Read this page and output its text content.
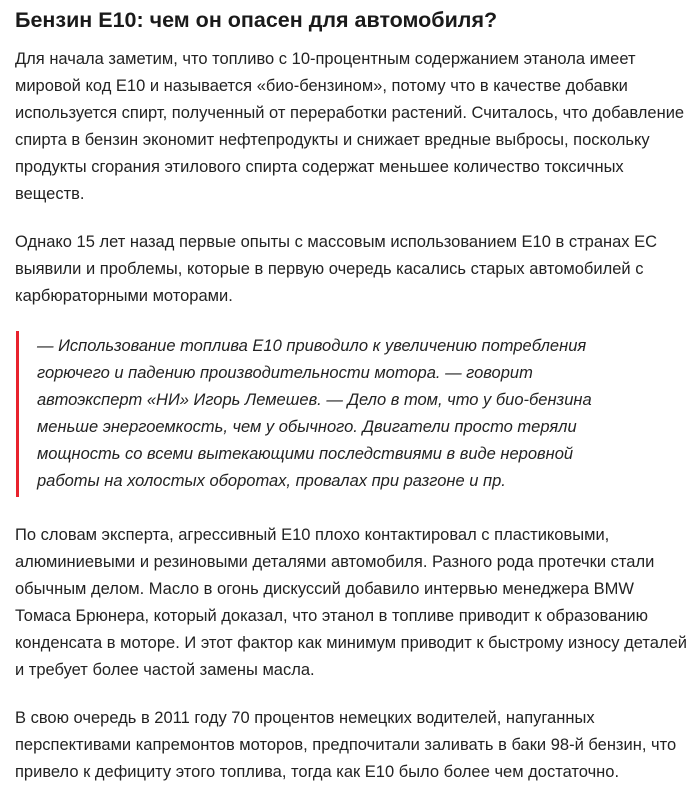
Бензин Е10: чем он опасен для автомобиля?

Для начала заметим, что топливо с 10-процентным содержанием этанола имеет мировой код Е10 и называется «био-бензином», потому что в качестве добавки используется спирт, полученный от переработки растений. Считалось, что добавление спирта в бензин экономит нефтепродукты и снижает вредные выбросы, поскольку продукты сгорания этилового спирта содержат меньшее количество токсичных веществ.

Однако 15 лет назад первые опыты с массовым использованием Е10 в странах ЕС выявили и проблемы, которые в первую очередь касались старых автомобилей с карбюраторными моторами.

— Использование топлива Е10 приводило к увеличению потребления горючего и падению производительности мотора. — говорит автоэксперт «НИ» Игорь Лемешев. — Дело в том, что у био-бензина меньше энергоемкость, чем у обычного. Двигатели просто теряли мощность со всеми вытекающими последствиями в виде неровной работы на холостых оборотах, провалах при разгоне и пр.

По словам эксперта, агрессивный Е10 плохо контактировал с пластиковыми, алюминиевыми и резиновыми деталями автомобиля. Разного рода протечки стали обычным делом. Масло в огонь дискуссий добавило интервью менеджера BMW Томаса Брюнера, который доказал, что этанол в топливе приводит к образованию конденсата в моторе. И этот фактор как минимум приводит к быстрому износу деталей и требует более частой замены масла.

В свою очередь в 2011 году 70 процентов немецких водителей, напуганных перспективами капремонтов моторов, предпочитали заливать в баки 98-й бензин, что привело к дефициту этого топлива, тогда как Е10 было более чем достаточно.
